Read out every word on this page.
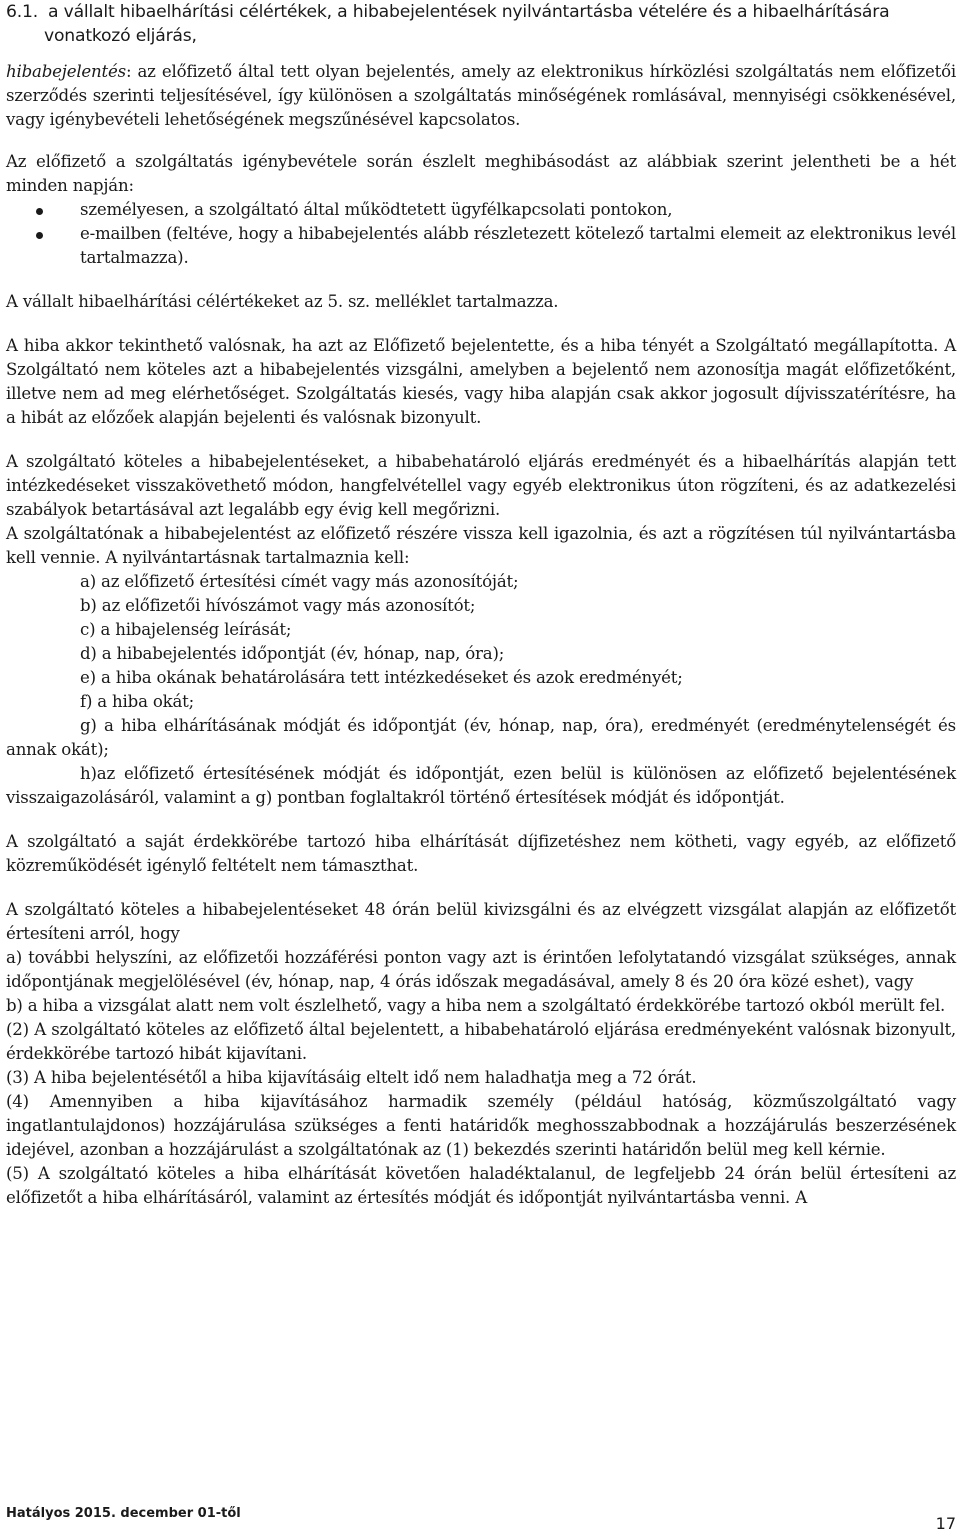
6.1. a vállalt hibaelhárítási célértékek, a hibabejelentések nyilvántartásba vételére és a hibaelhárítására
vonatkozó eljárás,

hibabejelentés: az előfizető által tett olyan bejelentés, amely az elektronikus hírközlési szolgáltatás nem előfizetői szerződés szerinti teljesítésével, így különösen a szolgáltatás minőségének romlásával, mennyiségi csökkenésével, vagy igénybevételi lehetőségének megszűnésével kapcsolatos.

Az előfizető a szolgáltatás igénybevétele során észlelt meghibásodást az alábbiak szerint jelentheti be a hét minden napján:

személyesen, a szolgáltató által működtetett ügyfélkapcsolati pontokon,
e-mailben (feltéve, hogy a hibabejelentés alább részletezett kötelező tartalmi elemeit az elektronikus levél tartalmazza).

A vállalt hibaelhárítási célértékeket az 5. sz. melléklet tartalmazza.

A hiba akkor tekinthető valósnak, ha azt az Előfizető bejelentette, és a hiba tényét a Szolgáltató megállapította. A Szolgáltató nem köteles azt a hibabejelentés vizsgálni, amelyben a bejelentő nem azonosítja magát előfizetőként, illetve nem ad meg elérhetőséget. Szolgáltatás kiesés, vagy hiba alapján csak akkor jogosult díjvisszatérítésre, ha a hibát az előzőek alapján bejelenti és valósnak bizonyult.

A szolgáltató köteles a hibabejelentéseket, a hibabehatároló eljárás eredményét és a hibaelhárítás alapján tett intézkedéseket visszakövethető módon, hangfelvétellel vagy egyéb elektronikus úton rögzíteni, és az adatkezelési szabályok betartásával azt legalább egy évig kell megőrizni.

A szolgáltatónak a hibabejelentést az előfizető részére vissza kell igazolnia, és azt a rögzítésen túl nyilvántartásba kell vennie. A nyilvántartásnak tartalmaznia kell:

a) az előfizető értesítési címét vagy más azonosítóját;

b) az előfizetői hívószámot vagy más azonosítót;

c) a hibajelenség leírását;

d) a hibabejelentés időpontját (év, hónap, nap, óra);

e) a hiba okának behatárolására tett intézkedéseket és azok eredményét;

f) a hiba okát;

g) a hiba elhárításának módját és időpontját (év, hónap, nap, óra), eredményét (eredménytelenségét és annak okát);

h)az előfizető értesítésének módját és időpontját, ezen belül is különösen az előfizető bejelentésének visszaigazolásáról, valamint a g) pontban foglaltakról történő értesítések módját és időpontját.

A szolgáltató a saját érdekkörébe tartozó hiba elhárítását díjfizetéshez nem kötheti, vagy egyéb, az előfizető közreműködését igénylő feltételt nem támaszthat.

A szolgáltató köteles a hibabejelentéseket 48 órán belül kivizsgálni és az elvégzett vizsgálat alapján az előfizetőt értesíteni arról, hogy

a) további helyszíni, az előfizetői hozzáférési ponton vagy azt is érintően lefolytatandó vizsgálat szükséges, annak időpontjának megjelölésével (év, hónap, nap, 4 órás időszak megadásával, amely 8 és 20 óra közé eshet), vagy

b) a hiba a vizsgálat alatt nem volt észlelhető, vagy a hiba nem a szolgáltató érdekkörébe tartozó okból merült fel.

(2) A szolgáltató köteles az előfizető által bejelentett, a hibabehatároló eljárása eredményeként valósnak bizonyult, érdekkörébe tartozó hibát kijavítani.

(3) A hiba bejelentésétől a hiba kijavításáig eltelt idő nem haladhatja meg a 72 órát.

(4) Amennyiben a hiba kijavításához harmadik személy (például hatóság, közműszolgáltató vagy ingatlantulajdonos) hozzájárulása szükséges a fenti határidők meghosszabbodnak a hozzájárulás beszerzésének idejével, azonban a hozzájárulást a szolgáltatónak az (1) bekezdés szerinti határidőn belül meg kell kérnie.

(5) A szolgáltató köteles a hiba elhárítását követően haladéktalanul, de legfeljebb 24 órán belül értesíteni az előfizetőt a hiba elhárításáról, valamint az értesítés módját és időpontját nyilvántartásba venni. A

Hatályos 2015. december 01-től
17
